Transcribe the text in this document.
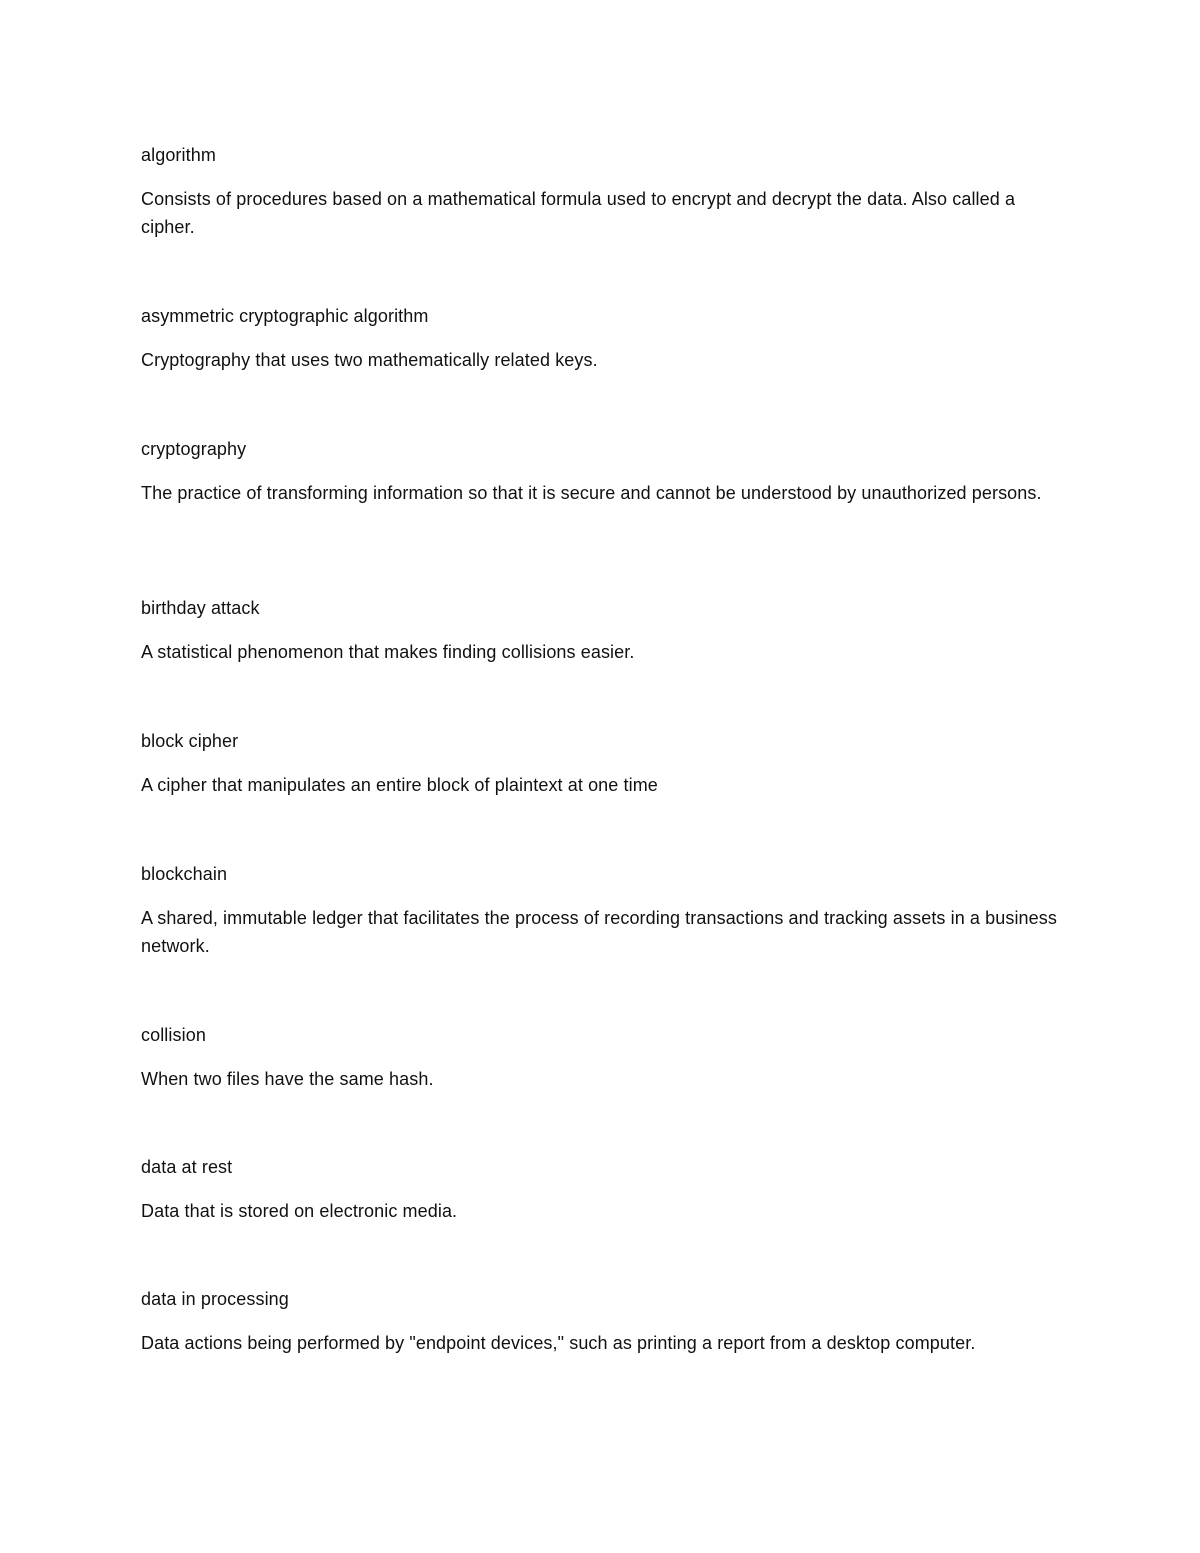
algorithm
Consists of procedures based on a mathematical formula used to encrypt and decrypt the data. Also called a cipher.
asymmetric cryptographic algorithm
Cryptography that uses two mathematically related keys.
cryptography
The practice of transforming information so that it is secure and cannot be understood by unauthorized persons.
birthday attack
A statistical phenomenon that makes finding collisions easier.
block cipher
A cipher that manipulates an entire block of plaintext at one time
blockchain
A shared, immutable ledger that facilitates the process of recording transactions and tracking assets in a business network.
collision
When two files have the same hash.
data at rest
Data that is stored on electronic media.
data in processing
Data actions being performed by "endpoint devices," such as printing a report from a desktop computer.
